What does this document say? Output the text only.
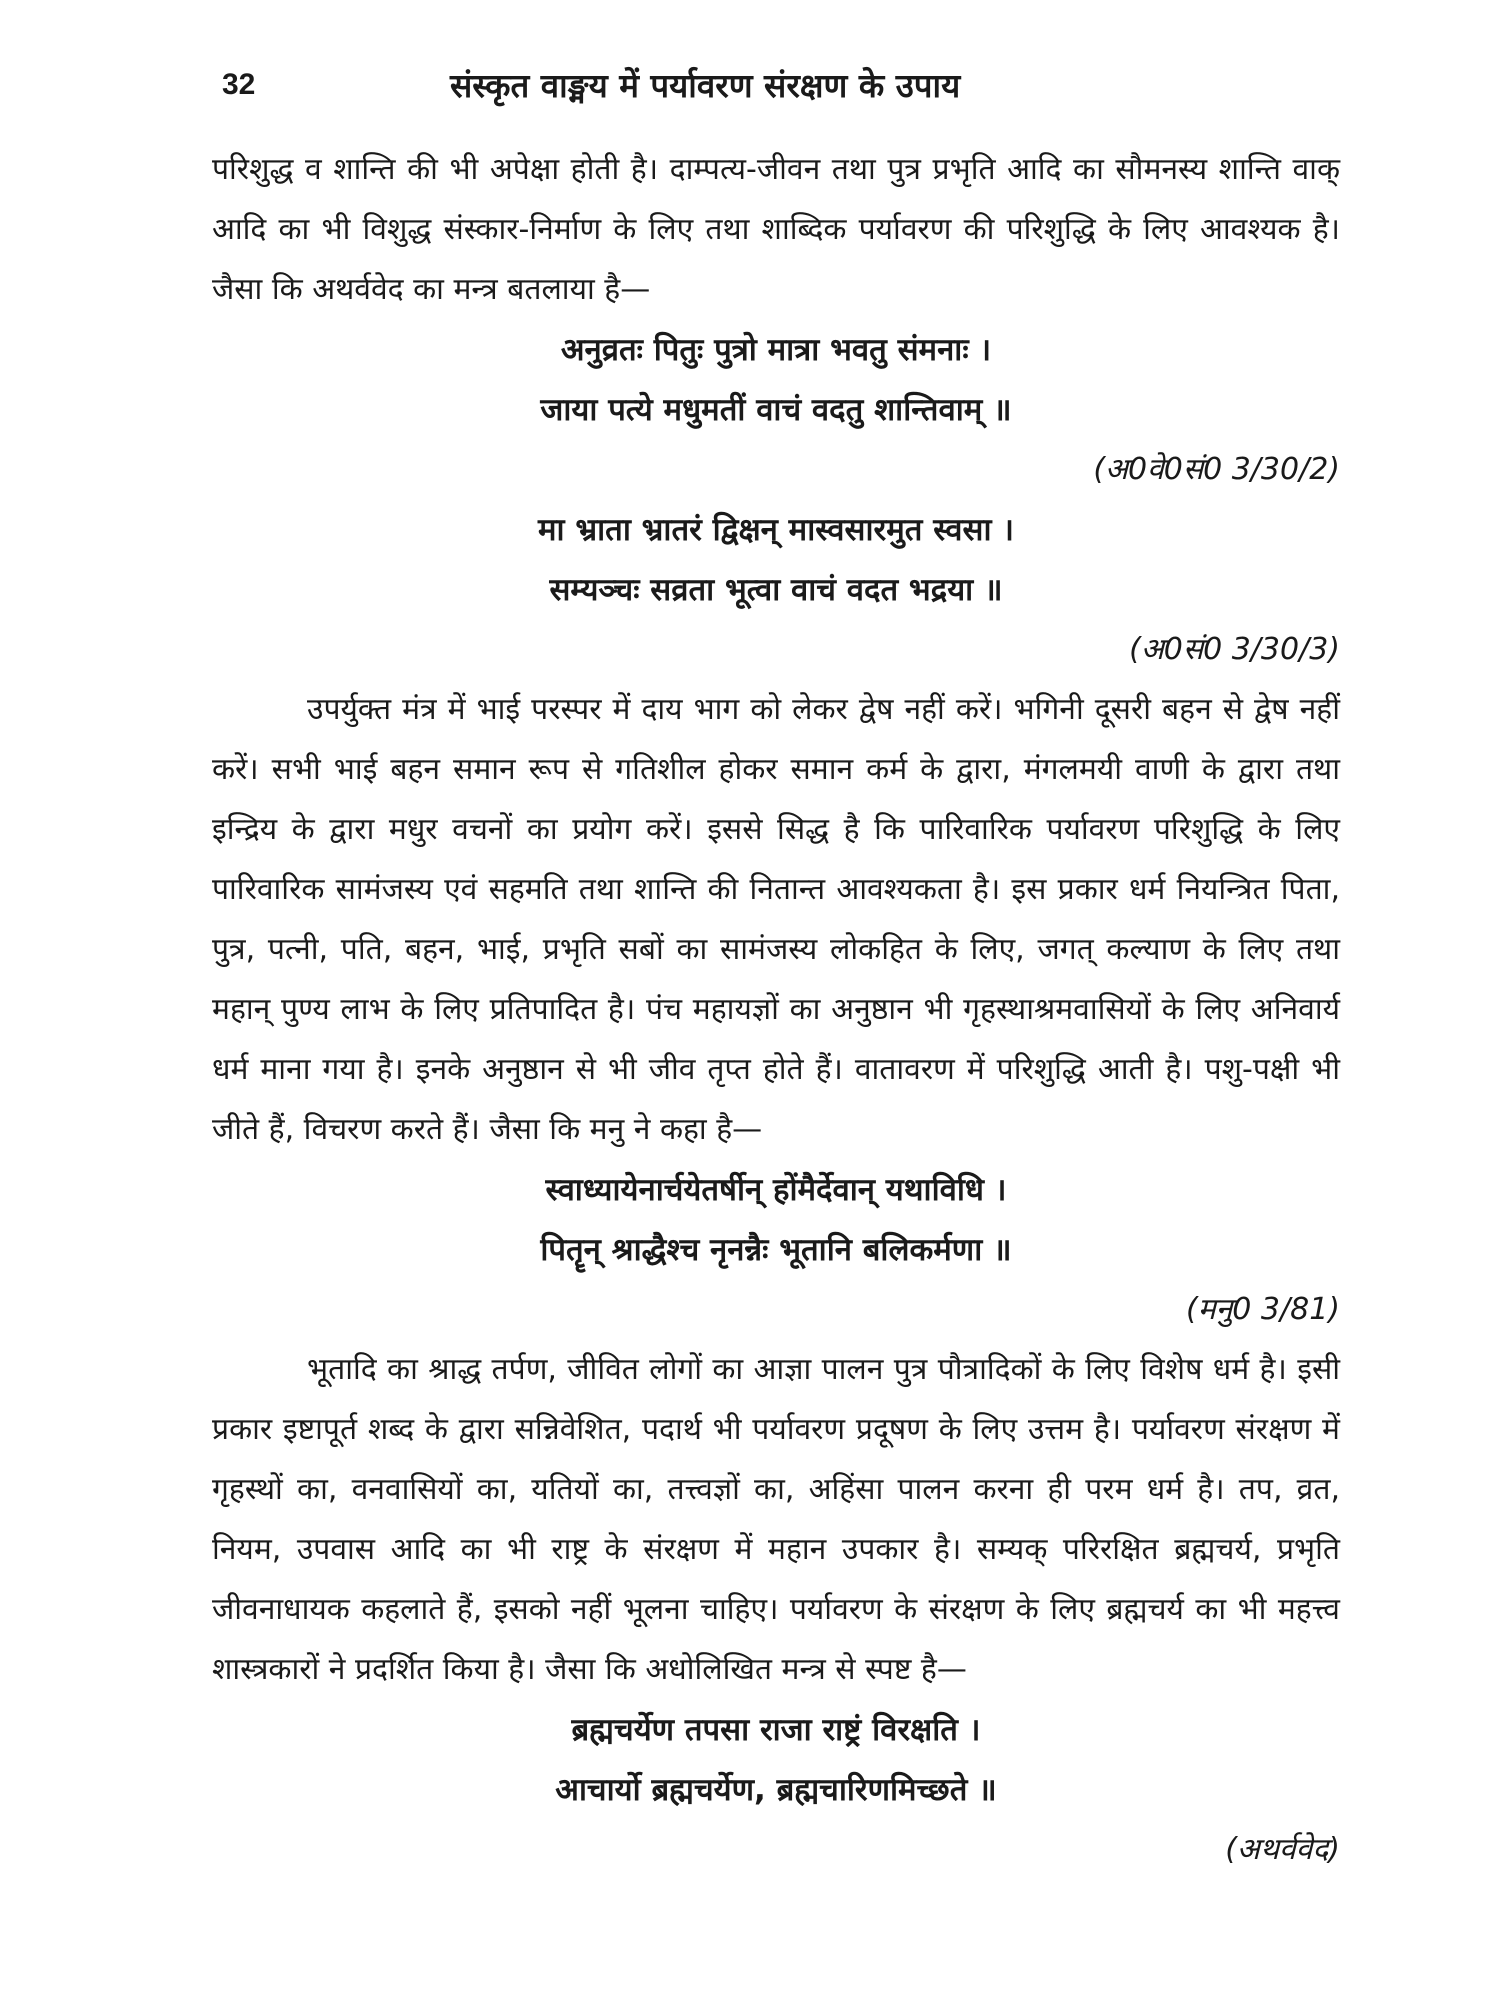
32	संस्कृत वाङ्मय में पर्यावरण संरक्षण के उपाय

परिशुद्ध व शान्ति की भी अपेक्षा होती है। दाम्पत्य-जीवन तथा पुत्र प्रभृति आदि का सौमनस्य शान्ति वाक् आदि का भी विशुद्ध संस्कार-निर्माण के लिए तथा शाब्दिक पर्यावरण की परिशुद्धि के लिए आवश्यक है। जैसा कि अथर्ववेद का मन्त्र बतलाया है—

अनुव्रतः पितुः पुत्रो मात्रा भवतु संमनाः ।
जाया पत्ये मधुमतीं वाचं वदतु शान्तिवाम् ॥

(अ0वे0सं0 3/30/2)

मा भ्राता भ्रातरं द्विक्षन् मास्वसारमुत स्वसा ।
सम्यञ्चः सव्रता भूत्वा वाचं वदत भद्रया ॥

(अ0सं0 3/30/3)

उपर्युक्त मंत्र में भाई परस्पर में दाय भाग को लेकर द्वेष नहीं करें। भगिनी दूसरी बहन से द्वेष नहीं करें। सभी भाई बहन समान रूप से गतिशील होकर समान कर्म के द्वारा, मंगलमयी वाणी के द्वारा तथा इन्द्रिय के द्वारा मधुर वचनों का प्रयोग करें। इससे सिद्ध है कि पारिवारिक पर्यावरण परिशुद्धि के लिए पारिवारिक सामंजस्य एवं सहमति तथा शान्ति की नितान्त आवश्यकता है। इस प्रकार धर्म नियन्त्रित पिता, पुत्र, पत्नी, पति, बहन, भाई, प्रभृति सबों का सामंजस्य लोकहित के लिए, जगत् कल्याण के लिए तथा महान् पुण्य लाभ के लिए प्रतिपादित है। पंच महायज्ञों का अनुष्ठान भी गृहस्थाश्रमवासियों के लिए अनिवार्य धर्म माना गया है। इनके अनुष्ठान से भी जीव तृप्त होते हैं। वातावरण में परिशुद्धि आती है। पशु-पक्षी भी जीते हैं, विचरण करते हैं। जैसा कि मनु ने कहा है—

स्वाध्यायेनार्चयेतर्षीन् होंमैर्देवान् यथाविधि ।
पितॄन् श्राद्धैश्च नृनन्नैः भूतानि बलिकर्मणा ॥

(मनु0 3/81)

भूतादि का श्राद्ध तर्पण, जीवित लोगों का आज्ञा पालन पुत्र पौत्रादिकों के लिए विशेष धर्म है। इसी प्रकार इष्टापूर्त शब्द के द्वारा सन्निवेशित, पदार्थ भी पर्यावरण प्रदूषण के लिए उत्तम है। पर्यावरण संरक्षण में गृहस्थों का, वनवासियों का, यतियों का, तत्त्वज्ञों का, अहिंसा पालन करना ही परम धर्म है। तप, व्रत, नियम, उपवास आदि का भी राष्ट्र के संरक्षण में महान उपकार है। सम्यक् परिरक्षित ब्रह्मचर्य, प्रभृति जीवनाधायक कहलाते हैं, इसको नहीं भूलना चाहिए। पर्यावरण के संरक्षण के लिए ब्रह्मचर्य का भी महत्त्व शास्त्रकारों ने प्रदर्शित किया है। जैसा कि अधोलिखित मन्त्र से स्पष्ट है—

ब्रह्मचर्येण तपसा राजा राष्ट्रं विरक्षति ।
आचार्यो ब्रह्मचर्येण, ब्रह्मचारिणमिच्छते ॥

(अथर्ववेद)
